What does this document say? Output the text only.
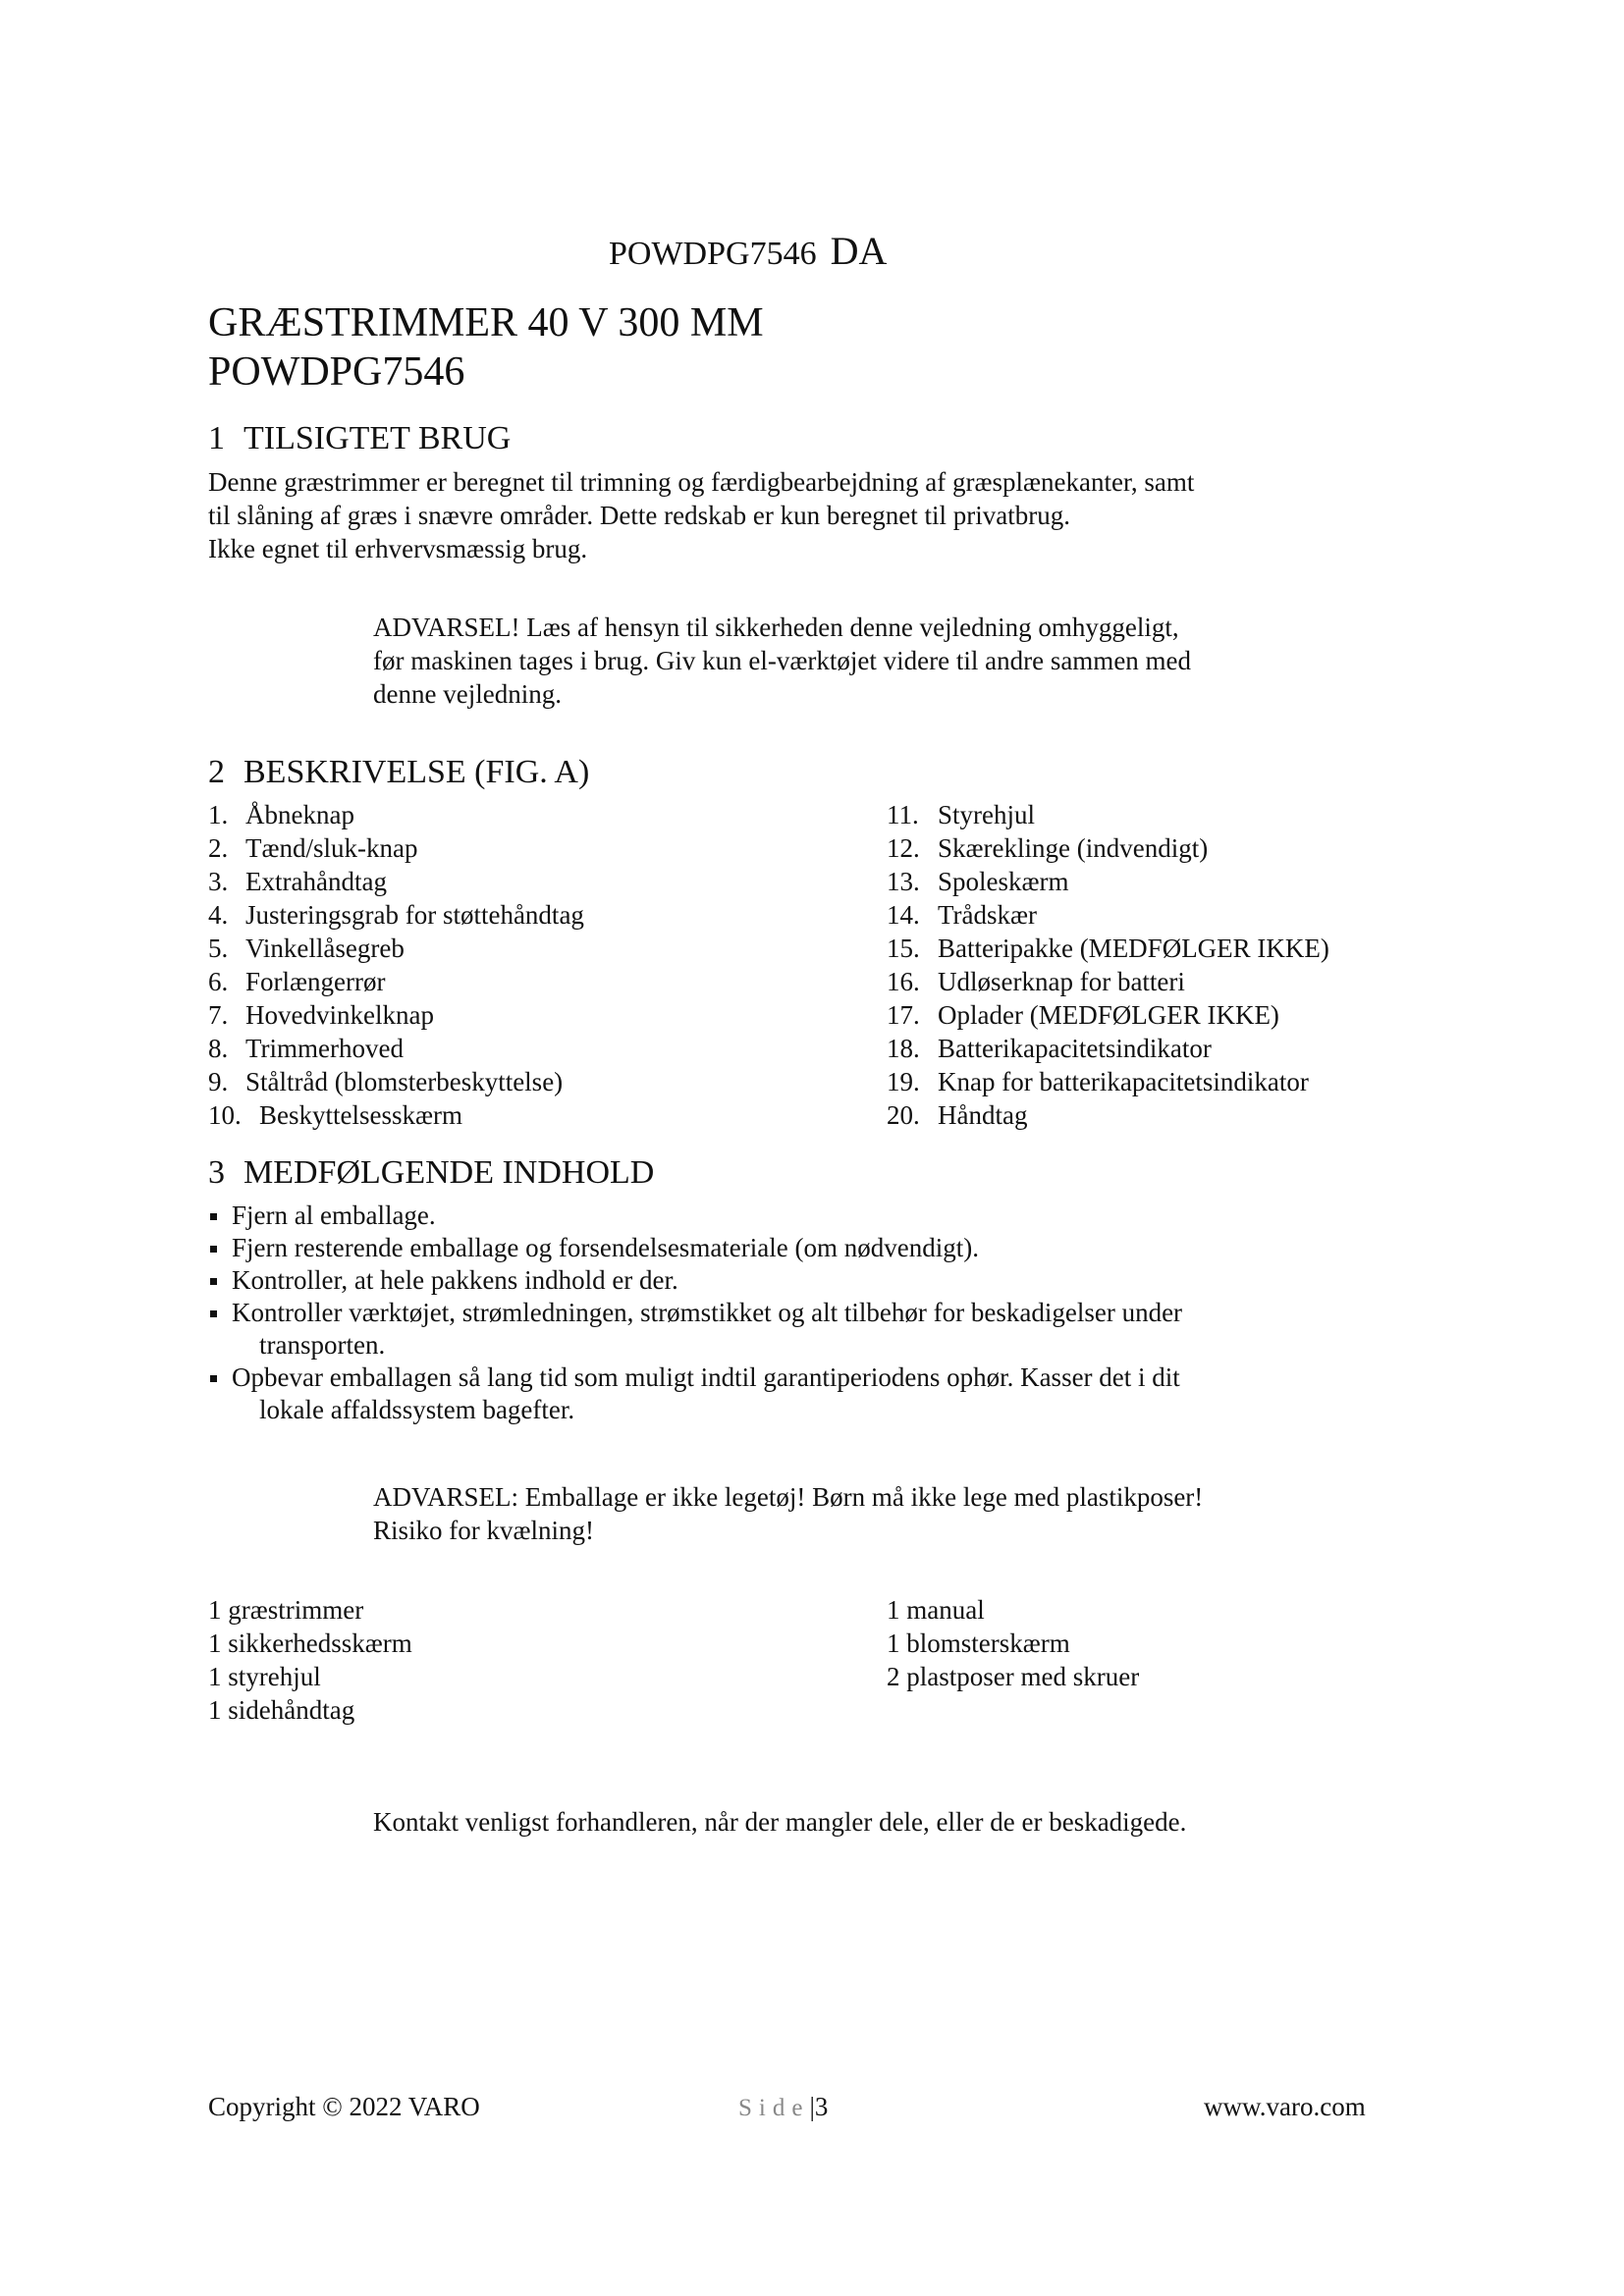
POWDPG7546 DA
GRÆSTRIMMER 40 V 300 MM
POWDPG7546
1 TILSIGTET BRUG
Denne græstrimmer er beregnet til trimning og færdigbearbejdning af græsplænekanter, samt
til slåning af græs i snævre områder. Dette redskab er kun beregnet til privatbrug.
Ikke egnet til erhvervsmæssig brug.
ADVARSEL! Læs af hensyn til sikkerheden denne vejledning omhyggeligt,
før maskinen tages i brug. Giv kun el-værktøjet videre til andre sammen med
denne vejledning.
2 BESKRIVELSE (FIG. A)
1. Åbneknap
2. Tænd/sluk-knap
3. Extrahåndtag
4. Justeringsgrab for støttehåndtag
5. Vinkellåsegreb
6. Forlængerrør
7. Hovedvinkelknap
8. Trimmerhoved
9. Ståltråd (blomsterbeskyttelse)
10. Beskyttelsesskærm
11. Styrehjul
12. Skæreklinge (indvendigt)
13. Spoleskærm
14. Trådskær
15. Batteripakke (MEDFØLGER IKKE)
16. Udløserknap for batteri
17. Oplader (MEDFØLGER IKKE)
18. Batterikapacitetsindikator
19. Knap for batterikapacitetsindikator
20. Håndtag
3 MEDFØLGENDE INDHOLD
Fjern al emballage.
Fjern resterende emballage og forsendelsesmateriale (om nødvendigt).
Kontroller, at hele pakkens indhold er der.
Kontroller værktøjet, strømledningen, strømstikket og alt tilbehør for beskadigelser under
transporten.
Opbevar emballagen så lang tid som muligt indtil garantiperiodens ophør. Kasser det i dit
lokale affaldssystem bagefter.
ADVARSEL: Emballage er ikke legetøj! Børn må ikke lege med plastikposer!
Risiko for kvælning!
1 græstrimmer
1 sikkerhedsskærm
1 styrehjul
1 sidehåndtag
1 manual
1 blomsterskærm
2 plastposer med skruer
Kontakt venligst forhandleren, når der mangler dele, eller de er beskadigede.
Copyright © 2022 VARO	Side|3	www.varo.com
